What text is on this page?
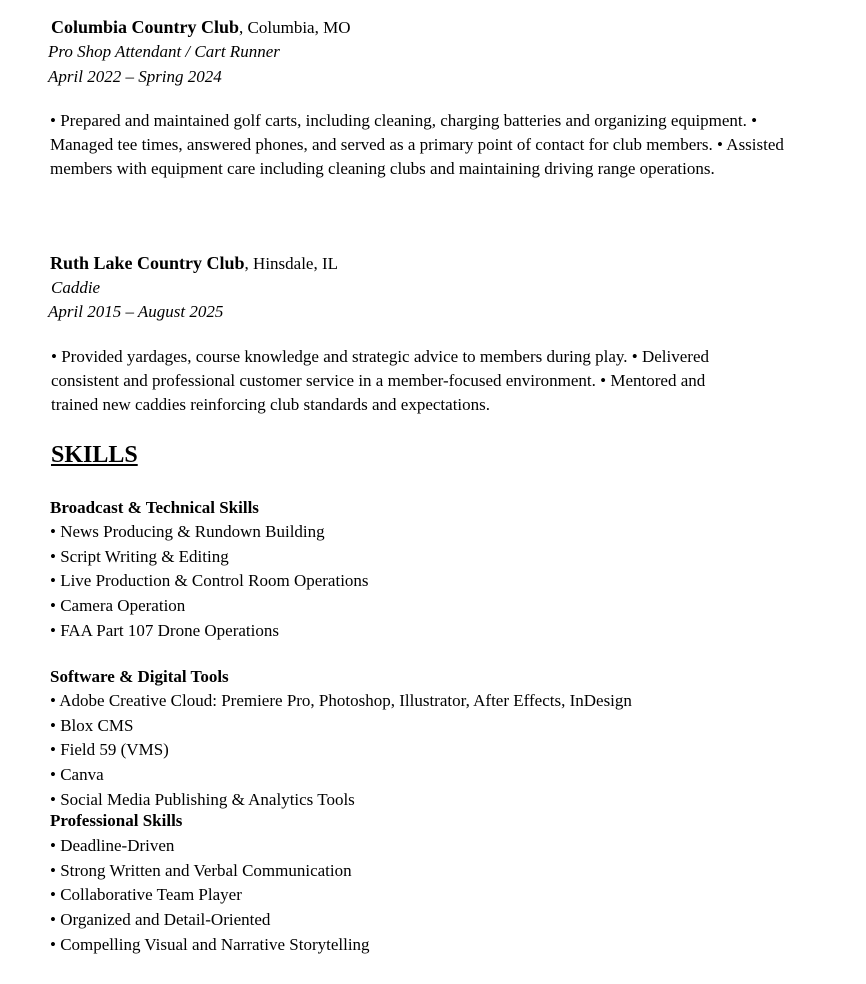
Columbia Country Club, Columbia, MO
Pro Shop Attendant / Cart Runner
April 2022 – Spring 2024
• Prepared and maintained golf carts, including cleaning, charging batteries and organizing equipment. • Managed tee times, answered phones, and served as a primary point of contact for club members. • Assisted members with equipment care including cleaning clubs and maintaining driving range operations.
Ruth Lake Country Club, Hinsdale, IL
Caddie
April 2015 – August 2025
• Provided yardages, course knowledge and strategic advice to members during play. • Delivered consistent and professional customer service in a member-focused environment. • Mentored and trained new caddies reinforcing club standards and expectations.
SKILLS
Broadcast & Technical Skills
• News Producing & Rundown Building
• Script Writing & Editing
• Live Production & Control Room Operations
• Camera Operation
• FAA Part 107 Drone Operations
Software & Digital Tools
• Adobe Creative Cloud: Premiere Pro, Photoshop, Illustrator, After Effects, InDesign
• Blox CMS
• Field 59 (VMS)
• Canva
• Social Media Publishing & Analytics Tools
Professional Skills
• Deadline-Driven
• Strong Written and Verbal Communication
• Collaborative Team Player
• Organized and Detail-Oriented
• Compelling Visual and Narrative Storytelling
